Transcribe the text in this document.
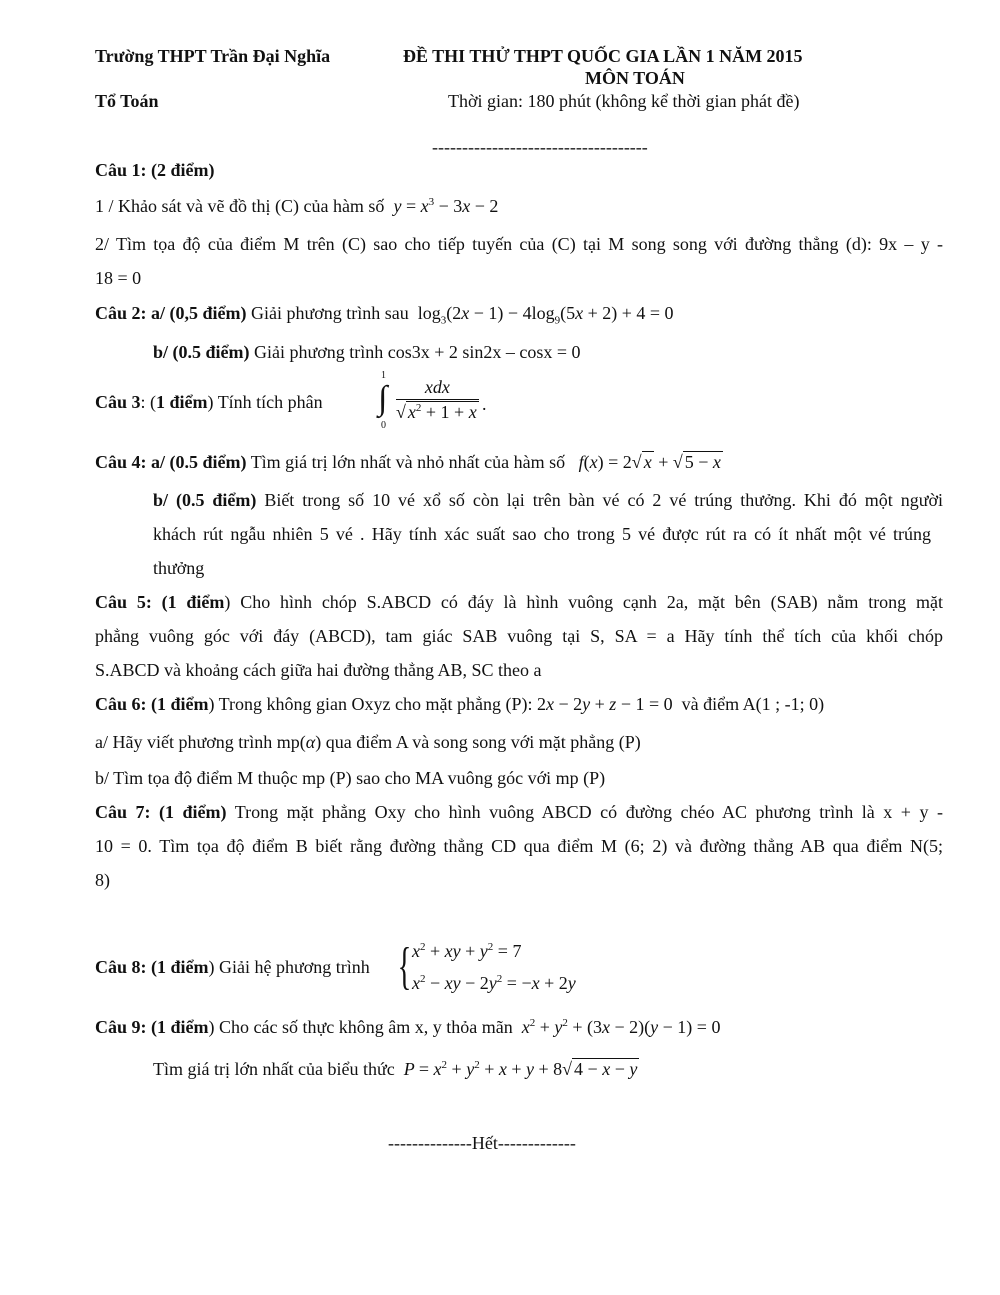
Trường THPT Trần Đại Nghĩa	ĐỀ THI THỬ THPT QUỐC GIA LẦN 1 NĂM 2015
MÔN TOÁN
Tổ Toán	Thời gian: 180 phút (không kể thời gian phát đề)
------------------------------------
Câu 1: (2 điểm)
1 / Khảo sát và vẽ đồ thị (C) của hàm số $y = x^3 - 3x - 2$
2/ Tìm tọa độ của điểm M trên (C) sao cho tiếp tuyến của (C) tại M song song với đường thẳng (d): 9x – y -
18 = 0
Câu 2: a/ (0,5 điểm) Giải phương trình sau $\log_3(2x - 1) - 4\log_9(5x + 2) + 4 = 0$
b/ (0.5 điểm) Giải phương trình cos3x + 2 sin2x – cosx = 0
Câu 3: (1 điểm) Tính tích phân
1
∫
0
xdx
√ $x^2 + 1 + x$ .
Câu 4: a/ (0.5 điểm) Tìm giá trị lớn nhất và nhỏ nhất của hàm số f(x) = 2√ x + √ 5 − x
b/ (0.5 điểm) Biết trong số 10 vé xổ số còn lại trên bàn vé có 2 vé trúng thưởng. Khi đó một người
khách rút ngẫu nhiên 5 vé . Hãy tính xác suất sao cho trong 5 vé được rút ra có ít nhất một vé trúng
thưởng
Câu 5: (1 điểm) Cho hình chóp S.ABCD có đáy là hình vuông cạnh 2a, mặt bên (SAB) nằm trong mặt
phẳng vuông góc với đáy (ABCD), tam giác SAB vuông tại S, SA = a Hãy tính thể tích của khối chóp
S.ABCD và khoảng cách giữa hai đường thẳng AB, SC theo a
Câu 6: (1 điểm) Trong không gian Oxyz cho mặt phẳng (P): 2x − 2y + z − 1 = 0 và điểm A(1 ; -1; 0)
a/ Hãy viết phương trình mp(α) qua điểm A và song song với mặt phẳng (P)
b/ Tìm tọa độ điểm M thuộc mp (P) sao cho MA vuông góc với mp (P)
Câu 7: (1 điểm) Trong mặt phẳng Oxy cho hình vuông ABCD có đường chéo AC phương trình là x + y -
10 = 0. Tìm tọa độ điểm B biết rằng đường thẳng CD qua điểm M (6; 2) và đường thẳng AB qua điểm N(5;
8)
Câu 8: (1 điểm) Giải hệ phương trình { $x^2$ + xy + $y^2 = 7$
$x^2$ − xy − $2y^2 = -x + 2y$
Câu 9: (1 điểm) Cho các số thực không âm x, y thỏa mãn $x^2 + y^2 + (3x - 2)(y - 1) = 0$
Tìm giá trị lớn nhất của biểu thức $P = x^2 + y^2 + x + y + 8√$ 4 − x − y
--------------Hết-------------
